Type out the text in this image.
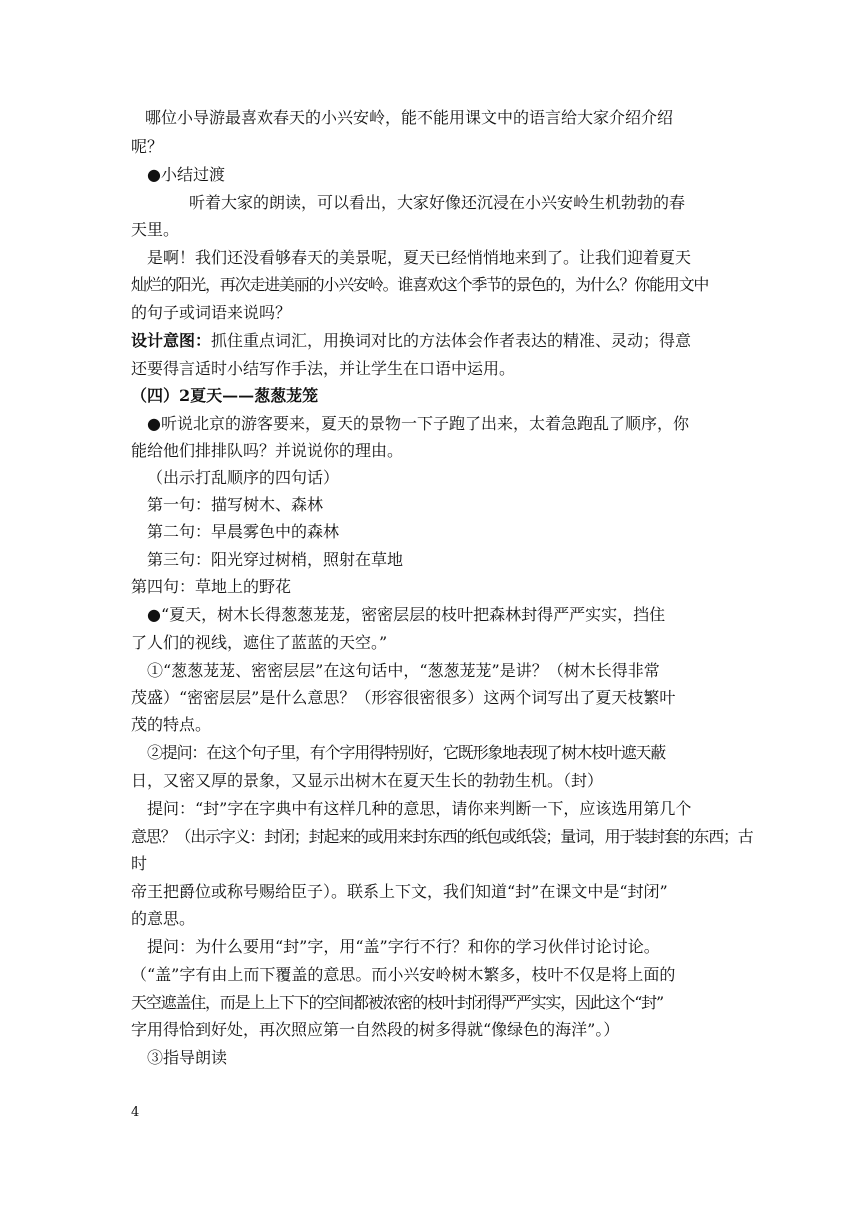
哪位小导游最喜欢春天的小兴安岭，能不能用课文中的语言给大家介绍介绍
呢？
●小结过渡
听着大家的朗读，可以看出，大家好像还沉浸在小兴安岭生机勃勃的春
天里。
是啊！我们还没看够春天的美景呢，夏天已经悄悄地来到了。让我们迎着夏天
灿烂的阳光，再次走进美丽的小兴安岭。谁喜欢这个季节的景色的，为什么？你能用文中
的句子或词语来说吗？
设计意图：抓住重点词汇，用换词对比的方法体会作者表达的精准、灵动；得意
还要得言适时小结写作手法，并让学生在口语中运用。
（四）2夏天——葱葱茏笼
●听说北京的游客要来，夏天的景物一下子跑了出来，太着急跑乱了顺序，你
能给他们排排队吗？并说说你的理由。
（出示打乱顺序的四句话）
第一句：描写树木、森林
第二句：早晨雾色中的森林
第三句：阳光穿过树梢，照射在草地
第四句：草地上的野花
●“夏天，树木长得葱葱茏茏，密密层层的枝叶把森林封得严严实实，挡住
了人们的视线，遮住了蓝蓝的天空。”
①“葱葱茏茏、密密层层”在这句话中，“葱葱茏茏”是讲？（树木长得非常
茂盛）“密密层层”是什么意思？（形容很密很多）这两个词写出了夏天枝繁叶
茂的特点。
②提问：在这个句子里，有个字用得特别好，它既形象地表现了树木枝叶遮天蔽
日，又密又厚的景象，又显示出树木在夏天生长的勃勃生机。（封）
提问：“封”字在字典中有这样几种的意思，请你来判断一下，应该选用第几个
意思？（出示字义：封闭；封起来的或用来封东西的纸包或纸袋；量词，用于装封套的东西；古
时
帝王把爵位或称号赐给臣子）。联系上下文，我们知道“封”在课文中是“封闭”
的意思。
提问：为什么要用“封”字，用“盖”字行不行？和你的学习伙伴讨论讨论。
（“盖”字有由上而下覆盖的意思。而小兴安岭树木繁多，枝叶不仅是将上面的
天空遮盖住，而是上上下下的空间都被浓密的枝叶封闭得严严实实，因此这个“封”
字用得恰到好处，再次照应第一自然段的树多得就“像绿色的海洋”。）
③指导朗读
4
